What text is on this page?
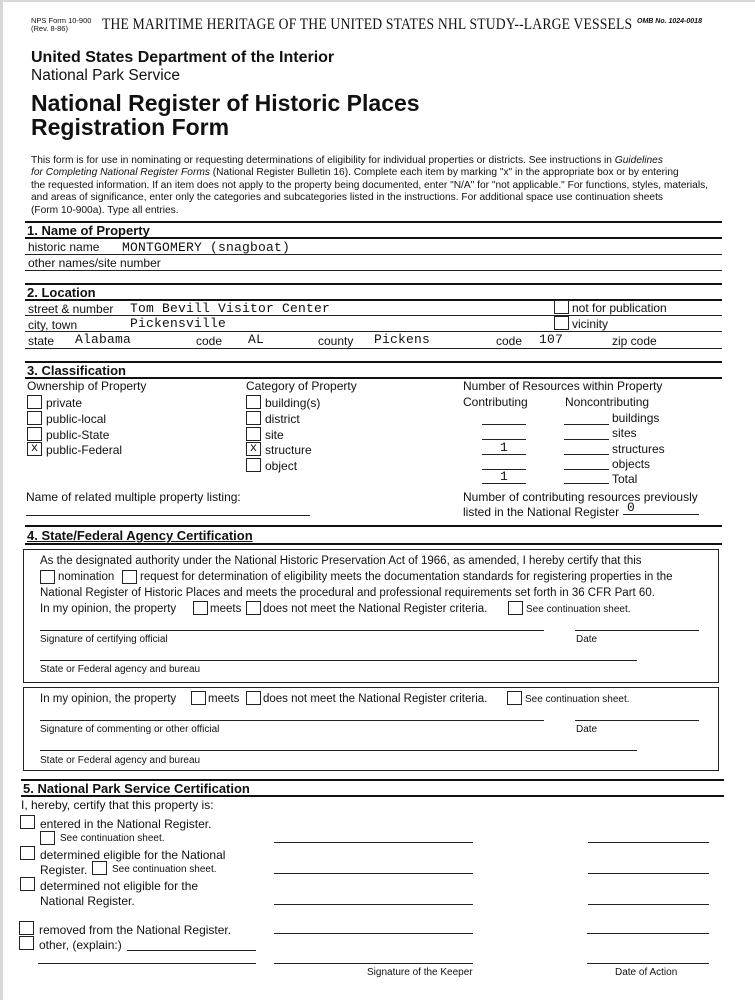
NPS Form 10-900
(Rev. 8-86)	THE MARITIME HERITAGE OF THE UNITED STATES NHL STUDY--LARGE VESSELS OMB No. 1024-0018
United States Department of the Interior
National Park Service
National Register of Historic Places
Registration Form
This form is for use in nominating or requesting determinations of eligibility for individual properties or districts. See instructions in Guidelines
for Completing National Register Forms (National Register Bulletin 16). Complete each item by marking "x" in the appropriate box or by entering
the requested information. If an item does not apply to the property being documented, enter "N/A" for "not applicable." For functions, styles, materials,
and areas of significance, enter only the categories and subcategories listed in the instructions. For additional space use continuation sheets
(Form 10-900a). Type all entries.
1. Name of Property
historic name MONTGOMERY (snagboat)
other names/site number
2. Location
street & number Tom Bevill Visitor Center	not for publication
city, town	Pickensville	vicinity
state Alabama	code AL	county Pickens	code 107	zip code
3. Classification
Ownership of Property
private
public-local
public-State
x public-Federal
Category of Property
building(s)
district
site
x structure
object
Number of Resources within Property
Contributing	Noncontributing
buildings
sites
1	structures
objects
1	Total
Name of related multiple property listing:	Number of contributing resources previously
listed in the National Register 0
4. State/Federal Agency Certification
As the designated authority under the National Historic Preservation Act of 1966, as amended, I hereby certify that this
nomination request for determination of eligibility meets the documentation standards for registering properties in the
National Register of Historic Places and meets the procedural and professional requirements set forth in 36 CFR Part 60.
In my opinion, the property	meets does not meet the National Register criteria.	See continuation sheet.
Signature of certifying official	Date
State or Federal agency and bureau
In my opinion, the property	meets does not meet the National Register criteria.	See continuation sheet.
Signature of commenting or other official	Date
State or Federal agency and bureau
5. National Park Service Certification
I, hereby, certify that this property is:
entered in the National Register.
See continuation sheet.
determined eligible for the National
Register. See continuation sheet.
determined not eligible for the
National Register.
removed from the National Register.
other, (explain:)
Signature of the Keeper	Date of Action
